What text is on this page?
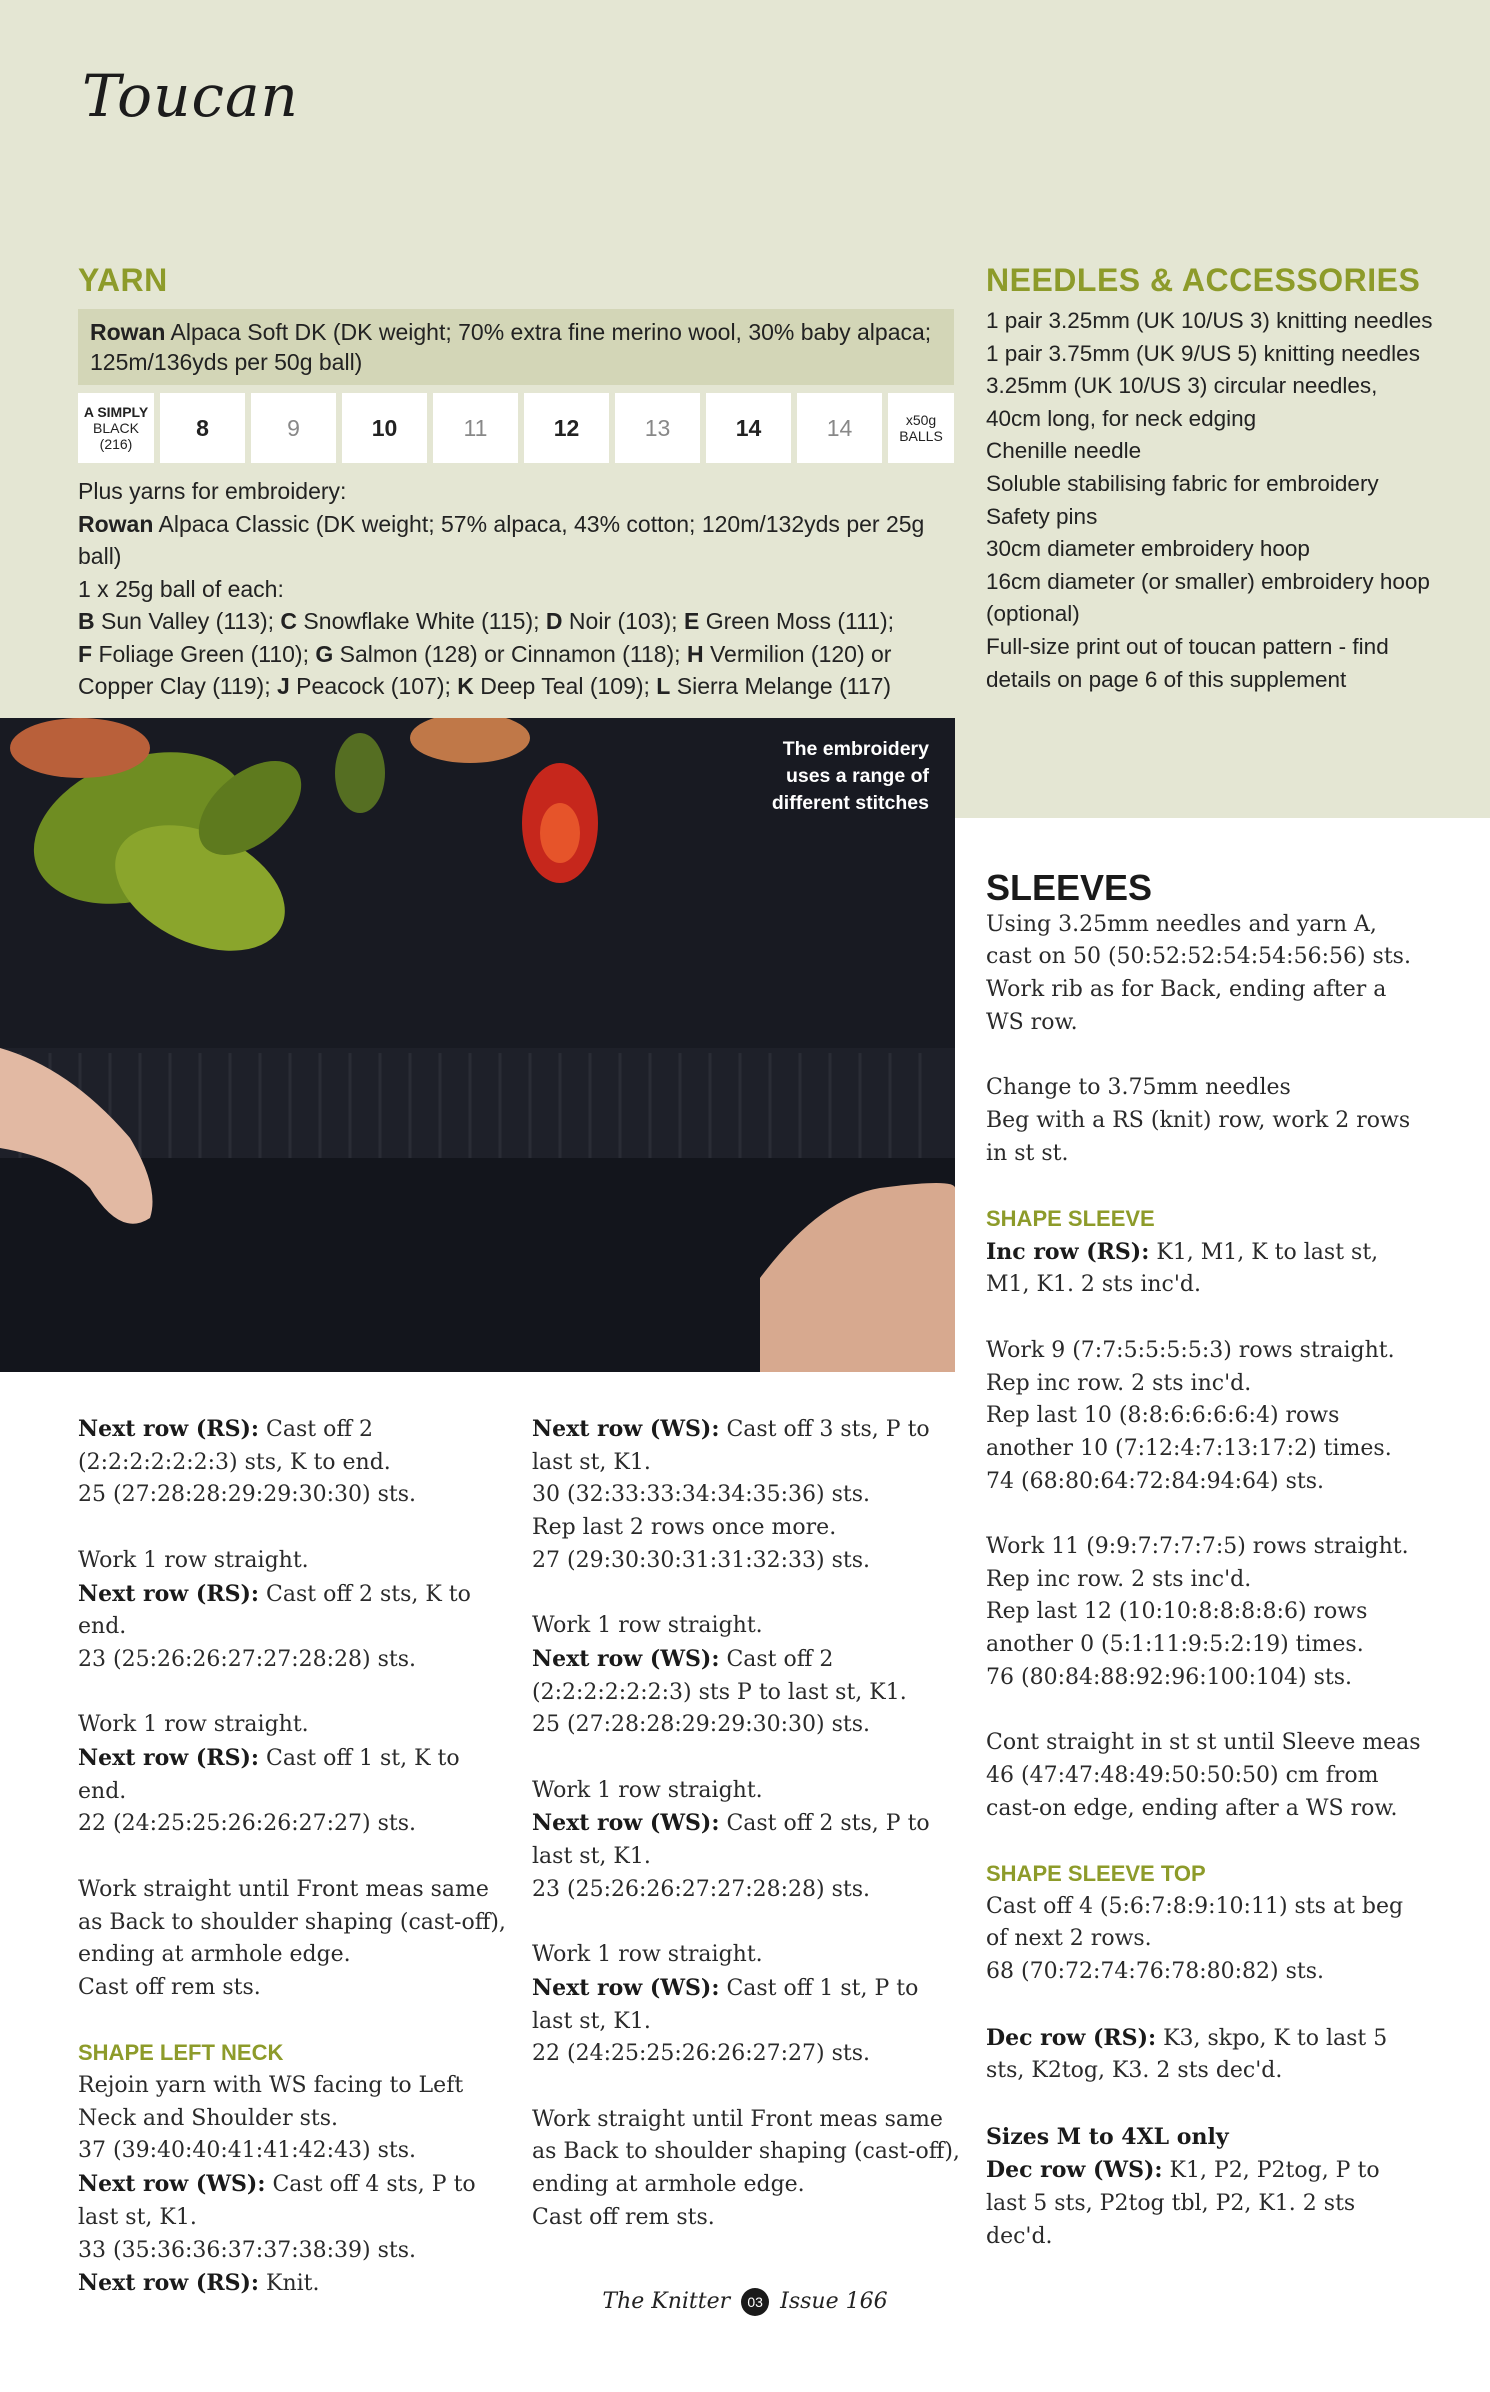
Toucan
YARN
Rowan Alpaca Soft DK (DK weight; 70% extra fine merino wool, 30% baby alpaca; 125m/136yds per 50g ball)
A SIMPLY
BLACK
(216)
8	9	10	11	12	13	14	14	x50g
BALLS
Plus yarns for embroidery:
Rowan Alpaca Classic (DK weight; 57% alpaca, 43% cotton; 120m/132yds per 25g ball)
1 x 25g ball of each:
B Sun Valley (113); C Snowflake White (115); D Noir (103); E Green Moss (111);
F Foliage Green (110); G Salmon (128) or Cinnamon (118); H Vermilion (120) or Copper Clay (119); J Peacock (107); K Deep Teal (109); L Sierra Melange (117)
NEEDLES & ACCESSORIES
1 pair 3.25mm (UK 10/US 3) knitting needles
1 pair 3.75mm (UK 9/US 5) knitting needles
3.25mm (UK 10/US 3) circular needles, 40cm long, for neck edging
Chenille needle
Soluble stabilising fabric for embroidery
Safety pins
30cm diameter embroidery hoop
16cm diameter (or smaller) embroidery hoop (optional)
Full-size print out of toucan pattern - find details on page 6 of this supplement
The embroidery
uses a range of
different stitches

Next row (RS): Cast off 2 (2:2:2:2:2:2:3) sts, K to end.
25 (27:28:28:29:29:30:30) sts.

Work 1 row straight.
Next row (RS): Cast off 2 sts, K to end.
23 (25:26:26:27:27:28:28) sts.

Work 1 row straight.
Next row (RS): Cast off 1 st, K to end.
22 (24:25:25:26:26:27:27) sts.

Work straight until Front meas same as Back to shoulder shaping (cast-off), ending at armhole edge.
Cast off rem sts.

SHAPE LEFT NECK

Rejoin yarn with WS facing to Left Neck and Shoulder sts.
37 (39:40:40:41:41:42:43) sts.
Next row (WS): Cast off 4 sts, P to last st, K1.
33 (35:36:36:37:37:38:39) sts.
Next row (RS): Knit.

Next row (WS): Cast off 3 sts, P to last st, K1.
30 (32:33:33:34:34:35:36) sts.
Rep last 2 rows once more.
27 (29:30:30:31:31:32:33) sts.

Work 1 row straight.
Next row (WS): Cast off 2 (2:2:2:2:2:2:3) sts P to last st, K1.
25 (27:28:28:29:29:30:30) sts.

Work 1 row straight.
Next row (WS): Cast off 2 sts, P to last st, K1.
23 (25:26:26:27:27:28:28) sts.

Work 1 row straight.
Next row (WS): Cast off 1 st, P to last st, K1.
22 (24:25:25:26:26:27:27) sts.

Work straight until Front meas same as Back to shoulder shaping (cast-off), ending at armhole edge.
Cast off rem sts.

SLEEVES

Using 3.25mm needles and yarn A, cast on 50 (50:52:52:54:54:56:56) sts.
Work rib as for Back, ending after a WS row.

Change to 3.75mm needles
Beg with a RS (knit) row, work 2 rows in st st.

SHAPE SLEEVE

Inc row (RS): K1, M1, K to last st, M1, K1. 2 sts inc'd.

Work 9 (7:7:5:5:5:5:3) rows straight.
Rep inc row. 2 sts inc'd.
Rep last 10 (8:8:6:6:6:6:4) rows another 10 (7:12:4:7:13:17:2) times.
74 (68:80:64:72:84:94:64) sts.

Work 11 (9:9:7:7:7:7:5) rows straight.
Rep inc row. 2 sts inc'd.
Rep last 12 (10:10:8:8:8:8:6) rows another 0 (5:1:11:9:5:2:19) times.
76 (80:84:88:92:96:100:104) sts.

Cont straight in st st until Sleeve meas 46 (47:47:48:49:50:50:50) cm from cast-on edge, ending after a WS row.

SHAPE SLEEVE TOP

Cast off 4 (5:6:7:8:9:10:11) sts at beg of next 2 rows.
68 (70:72:74:76:78:80:82) sts.

Dec row (RS): K3, skpo, K to last 5 sts, K2tog, K3. 2 sts dec'd.

Sizes M to 4XL only
Dec row (WS): K1, P2, P2tog, P to last 5 sts, P2tog tbl, P2, K1. 2 sts dec'd.

The Knitter 03 Issue 166
